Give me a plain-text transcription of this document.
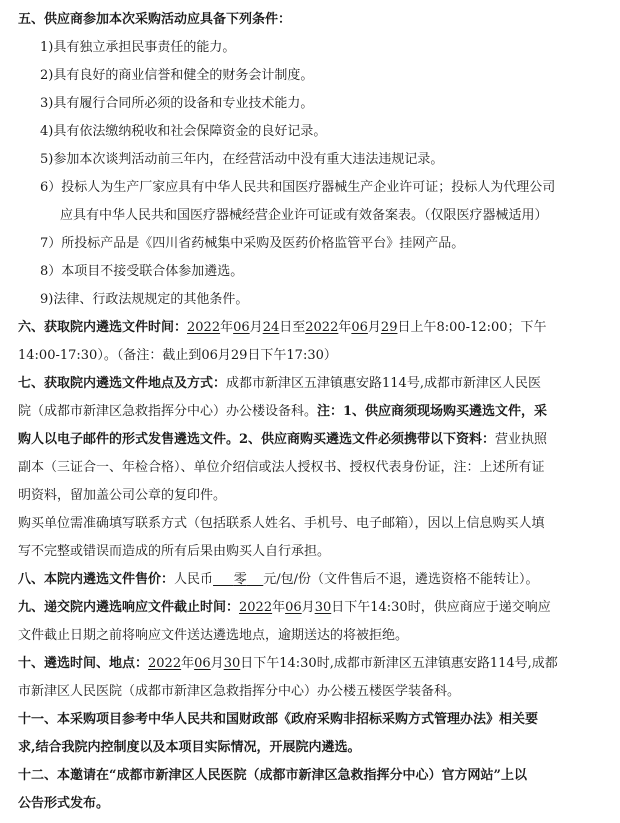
五、供应商参加本次采购活动应具备下列条件：
1)具有独立承担民事责任的能力。
2)具有良好的商业信誉和健全的财务会计制度。
3)具有履行合同所必须的设备和专业技术能力。
4)具有依法缴纳税收和社会保障资金的良好记录。
5)参加本次谈判活动前三年内，在经营活动中没有重大违法违规记录。
6）投标人为生产厂家应具有中华人民共和国医疗器械生产企业许可证；投标人为代理公司
应具有中华人民共和国医疗器械经营企业许可证或有效备案表。（仅限医疗器械适用）
7）所投标产品是《四川省药械集中采购及医药价格监管平台》挂网产品。
8）本项目不接受联合体参加遴选。
9)法律、行政法规规定的其他条件。
六、获取院内遴选文件时间：2022年06月24日至2022年06月29日上午8:00-12:00；下午
14:00-17:30）。（备注：截止到06月29日下午17:30）
七、获取院内遴选文件地点及方式：成都市新津区五津镇惠安路114号,成都市新津区人民医
院（成都市新津区急救指挥分中心）办公楼设备科。注：1、供应商须现场购买遴选文件，采
购人以电子邮件的形式发售遴选文件。2、供应商购买遴选文件必须携带以下资料：营业执照
副本（三证合一、年检合格）、单位介绍信或法人授权书、授权代表身份证，注：上述所有证
明资料，留加盖公司公章的复印件。
购买单位需准确填写联系方式（包括联系人姓名、手机号、电子邮箱），因以上信息购买人填
写不完整或错误而造成的所有后果由购买人自行承担。
八、本院内遴选文件售价：人民币 零 元/包/份（文件售后不退，遴选资格不能转让）。
九、递交院内遴选响应文件截止时间：2022年06月30日下午14:30时，供应商应于递交响应
文件截止日期之前将响应文件送达遴选地点，逾期送达的将被拒绝。
十、遴选时间、地点：2022年06月30日下午14:30时,成都市新津区五津镇惠安路114号,成都
市新津区人民医院（成都市新津区急救指挥分中心）办公楼五楼医学装备科。
十一、本采购项目参考中华人民共和国财政部《政府采购非招标采购方式管理办法》相关要
求,结合我院内控制度以及本项目实际情况，开展院内遴选。
十二、本邀请在“成都市新津区人民医院（成都市新津区急救指挥分中心）官方网站”上以
公告形式发布。
